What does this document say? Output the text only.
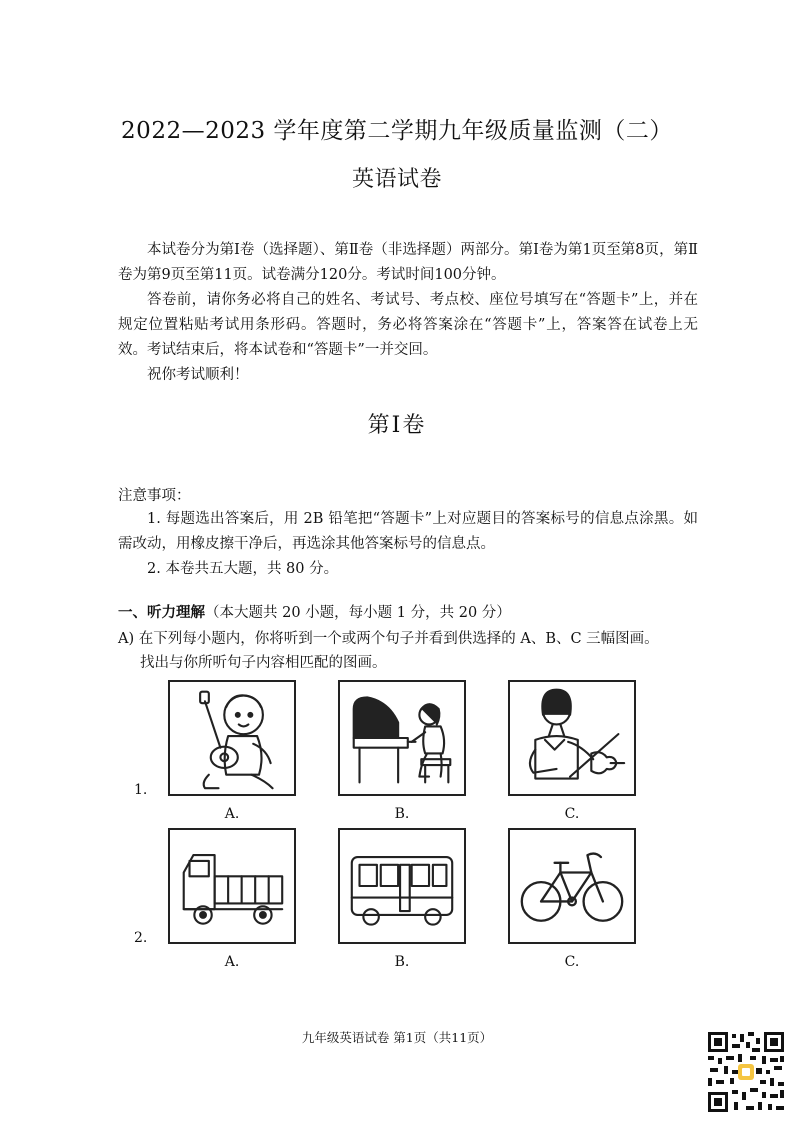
2022—2023 学年度第二学期九年级质量监测（二）
英语试卷
本试卷分为第Ⅰ卷（选择题）、第Ⅱ卷（非选择题）两部分。第Ⅰ卷为第1页至第8页，第Ⅱ卷为第9页至第11页。试卷满分120分。考试时间100分钟。
答卷前，请你务必将自己的姓名、考试号、考点校、座位号填写在“答题卡”上，并在规定位置粘贴考试用条形码。答题时，务必将答案涂在“答题卡”上，答案答在试卷上无效。考试结束后，将本试卷和“答题卡”一并交回。
祝你考试顺利！
第Ⅰ卷
注意事项：
1. 每题选出答案后，用 2B 铅笔把“答题卡”上对应题目的答案标号的信息点涂黑。如需改动，用橡皮擦干净后，再选涂其他答案标号的信息点。
2. 本卷共五大题，共 80 分。
一、听力理解（本大题共 20 小题，每小题 1 分，共 20 分）
A) 在下列每小题内，你将听到一个或两个句子并看到供选择的 A、B、C 三幅图画。
找出与你所听句子内容相匹配的图画。
1.
A.	B.	C.
2.
A.	B.	C.
九年级英语试卷 第1页（共11页）
